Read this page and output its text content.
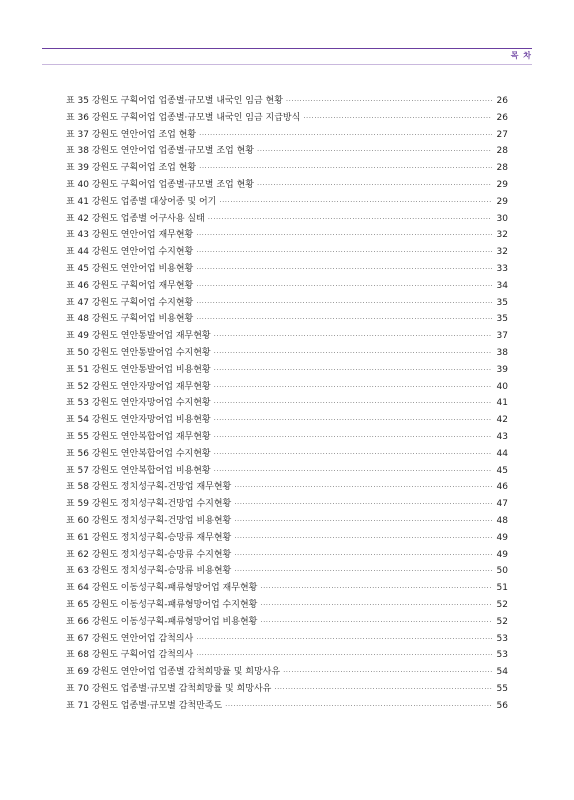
목 차
표 35 강원도 구획어업 업종별·규모별 내국인 임금 현황 ·····	26
표 36 강원도 구획어업 업종별·규모별 내국인 임금 지급방식 ·····	26
표 37 강원도 연안어업 조업 현황 ·····	27
표 38 강원도 연안어업 업종별·규모별 조업 현황 ·····	28
표 39 강원도 구획어업 조업 현황 ·····	28
표 40 강원도 구획어업 업종별·규모별 조업 현황 ·····	29
표 41 강원도 업종별 대상어종 및 어기 ·····	29
표 42 강원도 업종별 어구사용 실태 ·····	30
표 43 강원도 연안어업 재무현황 ·····	32
표 44 강원도 연안어업 수지현황 ·····	32
표 45 강원도 연안어업 비용현황 ·····	33
표 46 강원도 구획어업 재무현황 ·····	34
표 47 강원도 구획어업 수지현황 ·····	35
표 48 강원도 구획어업 비용현황 ·····	35
표 49 강원도 연안통발어업 재무현황 ·····	37
표 50 강원도 연안통발어업 수지현황 ·····	38
표 51 강원도 연안통발어업 비용현황 ·····	39
표 52 강원도 연안자망어업 재무현황 ·····	40
표 53 강원도 연안자망어업 수지현황 ·····	41
표 54 강원도 연안자망어업 비용현황 ·····	42
표 55 강원도 연안복합어업 재무현황 ·····	43
표 56 강원도 연안복합어업 수지현황 ·····	44
표 57 강원도 연안복합어업 비용현황 ·····	45
표 58 강원도 정치성구획-건망업 재무현황 ·····	46
표 59 강원도 정치성구획-건망업 수지현황 ·····	47
표 60 강원도 정치성구획-건망업 비용현황 ·····	48
표 61 강원도 정치성구획-승망류 재무현황 ·····	49
표 62 강원도 정치성구획-승망류 수지현황 ·····	49
표 63 강원도 정치성구획-승망류 비용현황 ·····	50
표 64 강원도 이동성구획-패류형망어업 재무현황 ·····	51
표 65 강원도 이동성구획-패류형망어업 수지현황 ·····	52
표 66 강원도 이동성구획-패류형망어업 비용현황 ·····	52
표 67 강원도 연안어업 감척의사 ·····	53
표 68 강원도 구획어업 감척의사 ·····	53
표 69 강원도 연안어업 업종별 감척희망률 및 희망사유 ·····	54
표 70 강원도 업종별·규모별 감척희망률 및 희망사유 ·····	55
표 71 강원도 업종별·규모별 감척만족도 ·····	56
